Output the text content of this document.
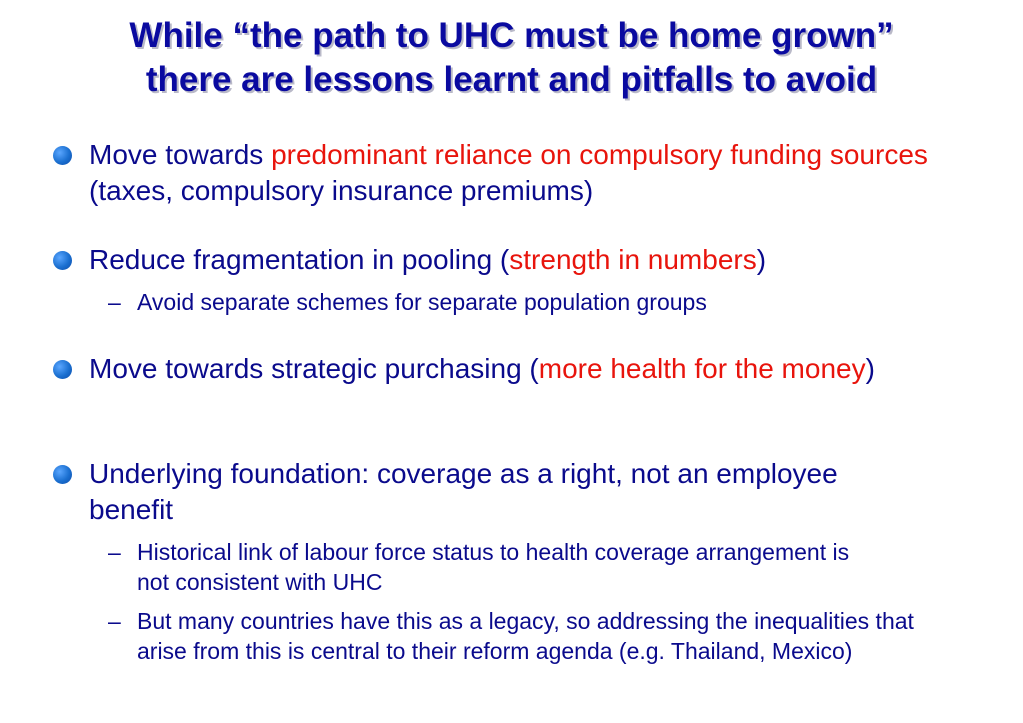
While “the path to UHC must be home grown”
there are lessons learnt and pitfalls to avoid
Move towards predominant reliance on compulsory funding sources (taxes, compulsory insurance premiums)
Reduce fragmentation in pooling (strength in numbers)
– Avoid separate schemes for separate population groups
Move towards strategic purchasing (more health for the money)
Underlying foundation: coverage as a right, not an employee benefit
– Historical link of labour force status to health coverage arrangement is not consistent with UHC
– But many countries have this as a legacy, so addressing the inequalities that arise from this is central to their reform agenda (e.g. Thailand, Mexico)
